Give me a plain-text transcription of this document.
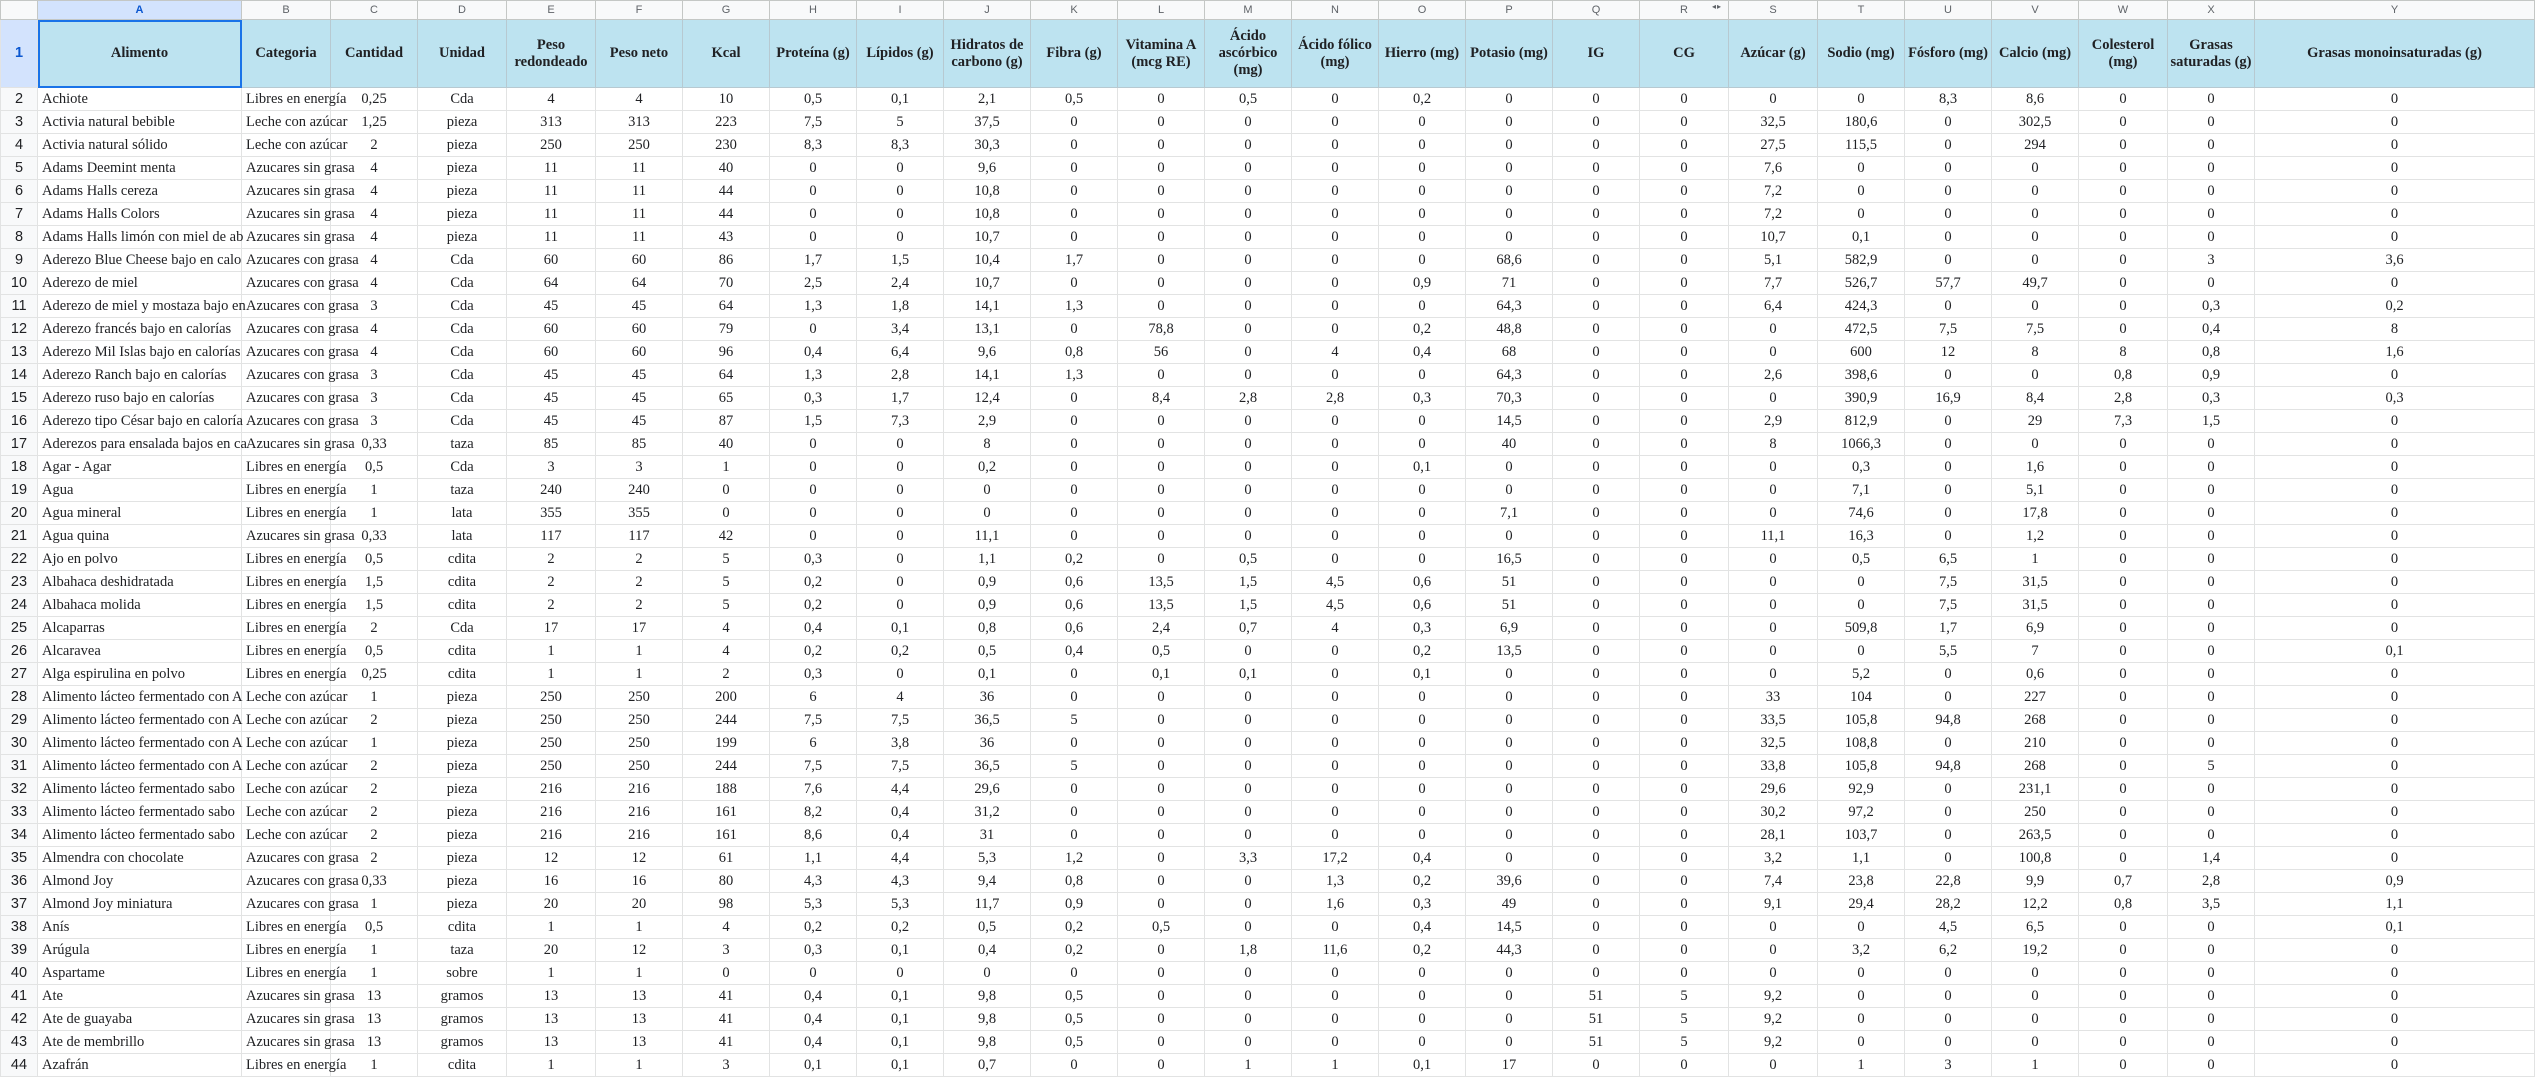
◂▸
	A	B	C	D	E	F	G	H	I	J	K	L	M	N	O	P	Q	R	S	T	U	V	W	X	Y
1	Alimento	Categoria	Cantidad	Unidad	Peso redondeado	Peso neto	Kcal	Proteína (g)	Lípidos (g)	Hidratos de carbono (g)	Fibra (g)	Vitamina A (mcg RE)	Ácido ascórbico (mg)	Ácido fólico (mg)	Hierro (mg)	Potasio (mg)	IG	CG	Azúcar (g)	Sodio (mg)	Fósforo (mg)	Calcio (mg)	Colesterol (mg)	Grasas saturadas (g)	Grasas monoinsaturadas (g)
2	Achiote	Libres en energía	0,25	Cda	4	4	10	0,5	0,1	2,1	0,5	0	0,5	0	0,2	0	0	0	0	0	8,3	8,6	0	0	0
3	Activia natural bebible	Leche con azúcar	1,25	pieza	313	313	223	7,5	5	37,5	0	0	0	0	0	0	0	0	32,5	180,6	0	302,5	0	0	0
4	Activia natural sólido	Leche con azúcar	2	pieza	250	250	230	8,3	8,3	30,3	0	0	0	0	0	0	0	0	27,5	115,5	0	294	0	0	0
5	Adams Deemint menta	Azucares sin grasa	4	pieza	11	11	40	0	0	9,6	0	0	0	0	0	0	0	0	7,6	0	0	0	0	0	0
6	Adams Halls cereza	Azucares sin grasa	4	pieza	11	11	44	0	0	10,8	0	0	0	0	0	0	0	0	7,2	0	0	0	0	0	0
7	Adams Halls Colors	Azucares sin grasa	4	pieza	11	11	44	0	0	10,8	0	0	0	0	0	0	0	0	7,2	0	0	0	0	0	0
8	Adams Halls limón con miel de ab	Azucares sin grasa	4	pieza	11	11	43	0	0	10,7	0	0	0	0	0	0	0	0	10,7	0,1	0	0	0	0	0
9	Aderezo Blue Cheese bajo en calo	Azucares con grasa	4	Cda	60	60	86	1,7	1,5	10,4	1,7	0	0	0	0	68,6	0	0	5,1	582,9	0	0	0	3	3,6
10	Aderezo de miel	Azucares con grasa	4	Cda	64	64	70	2,5	2,4	10,7	0	0	0	0	0,9	71	0	0	7,7	526,7	57,7	49,7	0	0	0
11	Aderezo de miel y mostaza bajo en	Azucares con grasa	3	Cda	45	45	64	1,3	1,8	14,1	1,3	0	0	0	0	64,3	0	0	6,4	424,3	0	0	0	0,3	0,2
12	Aderezo francés bajo en calorías	Azucares con grasa	4	Cda	60	60	79	0	3,4	13,1	0	78,8	0	0	0,2	48,8	0	0	0	472,5	7,5	7,5	0	0,4	8
13	Aderezo Mil Islas bajo en calorías	Azucares con grasa	4	Cda	60	60	96	0,4	6,4	9,6	0,8	56	0	4	0,4	68	0	0	0	600	12	8	8	0,8	1,6
14	Aderezo Ranch bajo en calorías	Azucares con grasa	3	Cda	45	45	64	1,3	2,8	14,1	1,3	0	0	0	0	64,3	0	0	2,6	398,6	0	0	0,8	0,9	0
15	Aderezo ruso bajo en calorías	Azucares con grasa	3	Cda	45	45	65	0,3	1,7	12,4	0	8,4	2,8	2,8	0,3	70,3	0	0	0	390,9	16,9	8,4	2,8	0,3	0,3
16	Aderezo tipo César bajo en caloría	Azucares con grasa	3	Cda	45	45	87	1,5	7,3	2,9	0	0	0	0	0	14,5	0	0	2,9	812,9	0	29	7,3	1,5	0
17	Aderezos para ensalada bajos en ca	Azucares sin grasa	0,33	taza	85	85	40	0	0	8	0	0	0	0	0	40	0	0	8	1066,3	0	0	0	0	0
18	Agar - Agar	Libres en energía	0,5	Cda	3	3	1	0	0	0,2	0	0	0	0	0,1	0	0	0	0	0,3	0	1,6	0	0	0
19	Agua	Libres en energía	1	taza	240	240	0	0	0	0	0	0	0	0	0	0	0	0	0	7,1	0	5,1	0	0	0
20	Agua mineral	Libres en energía	1	lata	355	355	0	0	0	0	0	0	0	0	0	7,1	0	0	0	74,6	0	17,8	0	0	0
21	Agua quina	Azucares sin grasa	0,33	lata	117	117	42	0	0	11,1	0	0	0	0	0	0	0	0	11,1	16,3	0	1,2	0	0	0
22	Ajo en polvo	Libres en energía	0,5	cdita	2	2	5	0,3	0	1,1	0,2	0	0,5	0	0	16,5	0	0	0	0,5	6,5	1	0	0	0
23	Albahaca deshidratada	Libres en energía	1,5	cdita	2	2	5	0,2	0	0,9	0,6	13,5	1,5	4,5	0,6	51	0	0	0	0	7,5	31,5	0	0	0
24	Albahaca molida	Libres en energía	1,5	cdita	2	2	5	0,2	0	0,9	0,6	13,5	1,5	4,5	0,6	51	0	0	0	0	7,5	31,5	0	0	0
25	Alcaparras	Libres en energía	2	Cda	17	17	4	0,4	0,1	0,8	0,6	2,4	0,7	4	0,3	6,9	0	0	0	509,8	1,7	6,9	0	0	0
26	Alcaravea	Libres en energía	0,5	cdita	1	1	4	0,2	0,2	0,5	0,4	0,5	0	0	0,2	13,5	0	0	0	0	5,5	7	0	0	0,1
27	Alga espirulina en polvo	Libres en energía	0,25	cdita	1	1	2	0,3	0	0,1	0	0,1	0,1	0	0,1	0	0	0	0	5,2	0	0,6	0	0	0
28	Alimento lácteo fermentado con A	Leche con azúcar	1	pieza	250	250	200	6	4	36	0	0	0	0	0	0	0	0	33	104	0	227	0	0	0
29	Alimento lácteo fermentado con A	Leche con azúcar	2	pieza	250	250	244	7,5	7,5	36,5	5	0	0	0	0	0	0	0	33,5	105,8	94,8	268	0	0	0
30	Alimento lácteo fermentado con A	Leche con azúcar	1	pieza	250	250	199	6	3,8	36	0	0	0	0	0	0	0	0	32,5	108,8	0	210	0	0	0
31	Alimento lácteo fermentado con A	Leche con azúcar	2	pieza	250	250	244	7,5	7,5	36,5	5	0	0	0	0	0	0	0	33,8	105,8	94,8	268	0	5	0
32	Alimento lácteo fermentado sabo	Leche con azúcar	2	pieza	216	216	188	7,6	4,4	29,6	0	0	0	0	0	0	0	0	29,6	92,9	0	231,1	0	0	0
33	Alimento lácteo fermentado sabo	Leche con azúcar	2	pieza	216	216	161	8,2	0,4	31,2	0	0	0	0	0	0	0	0	30,2	97,2	0	250	0	0	0
34	Alimento lácteo fermentado sabo	Leche con azúcar	2	pieza	216	216	161	8,6	0,4	31	0	0	0	0	0	0	0	0	28,1	103,7	0	263,5	0	0	0
35	Almendra con chocolate	Azucares con grasa	2	pieza	12	12	61	1,1	4,4	5,3	1,2	0	3,3	17,2	0,4	0	0	0	3,2	1,1	0	100,8	0	1,4	0
36	Almond Joy	Azucares con grasa	0,33	pieza	16	16	80	4,3	4,3	9,4	0,8	0	0	1,3	0,2	39,6	0	0	7,4	23,8	22,8	9,9	0,7	2,8	0,9
37	Almond Joy miniatura	Azucares con grasa	1	pieza	20	20	98	5,3	5,3	11,7	0,9	0	0	1,6	0,3	49	0	0	9,1	29,4	28,2	12,2	0,8	3,5	1,1
38	Anís	Libres en energía	0,5	cdita	1	1	4	0,2	0,2	0,5	0,2	0,5	0	0	0,4	14,5	0	0	0	0	4,5	6,5	0	0	0,1
39	Arúgula	Libres en energía	1	taza	20	12	3	0,3	0,1	0,4	0,2	0	1,8	11,6	0,2	44,3	0	0	0	3,2	6,2	19,2	0	0	0
40	Aspartame	Libres en energía	1	sobre	1	1	0	0	0	0	0	0	0	0	0	0	0	0	0	0	0	0	0	0	0
41	Ate	Azucares sin grasa	13	gramos	13	13	41	0,4	0,1	9,8	0,5	0	0	0	0	0	51	5	9,2	0	0	0	0	0	0
42	Ate de guayaba	Azucares sin grasa	13	gramos	13	13	41	0,4	0,1	9,8	0,5	0	0	0	0	0	51	5	9,2	0	0	0	0	0	0
43	Ate de membrillo	Azucares sin grasa	13	gramos	13	13	41	0,4	0,1	9,8	0,5	0	0	0	0	0	51	5	9,2	0	0	0	0	0	0
44	Azafrán	Libres en energía	1	cdita	1	1	3	0,1	0,1	0,7	0	0	1	1	0,1	17	0	0	0	1	3	1	0	0	0
